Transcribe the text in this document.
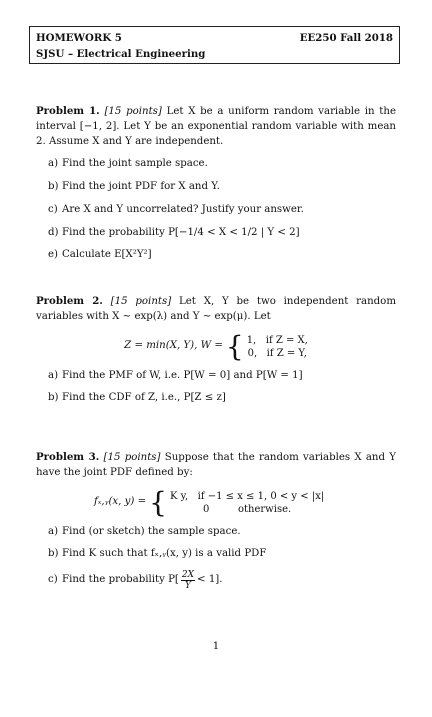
HOMEWORK 5	EE250 Fall 2018
SJSU – Electrical Engineering

Problem 1. [15 points] Let X be a uniform random variable in the interval [−1, 2]. Let Y be an exponential random variable with mean 2. Assume X and Y are independent.

a) Find the joint sample space.
b) Find the joint PDF for X and Y.
c) Are X and Y uncorrelated? Justify your answer.
d) Find the probability P[−1/4 < X < 1/2 | Y < 2]
e) Calculate E[X²Y²]

Problem 2. [15 points] Let X, Y be two independent random variables with X ∼ exp(λ) and Y ∼ exp(μ). Let

Z = min(X, Y), W = { 1,   if Z = X,
0,   if Z = Y,
a) Find the PMF of W, i.e. P[W = 0] and P[W = 1]
b) Find the CDF of Z, i.e., P[Z ≤ z]

Problem 3. [15 points] Suppose that the random variables X and Y have the joint PDF defined by:

fₓ,ᵧ(x, y) = { K y,   if −1 ≤ x ≤ 1, 0 < y < |x|
0         otherwise.
a) Find (or sketch) the sample space.
b) Find K such that fₓ,ᵧ(x, y) is a valid PDF
c) Find the probability $P[ \frac{2X}{Y} < 1]$.
1
